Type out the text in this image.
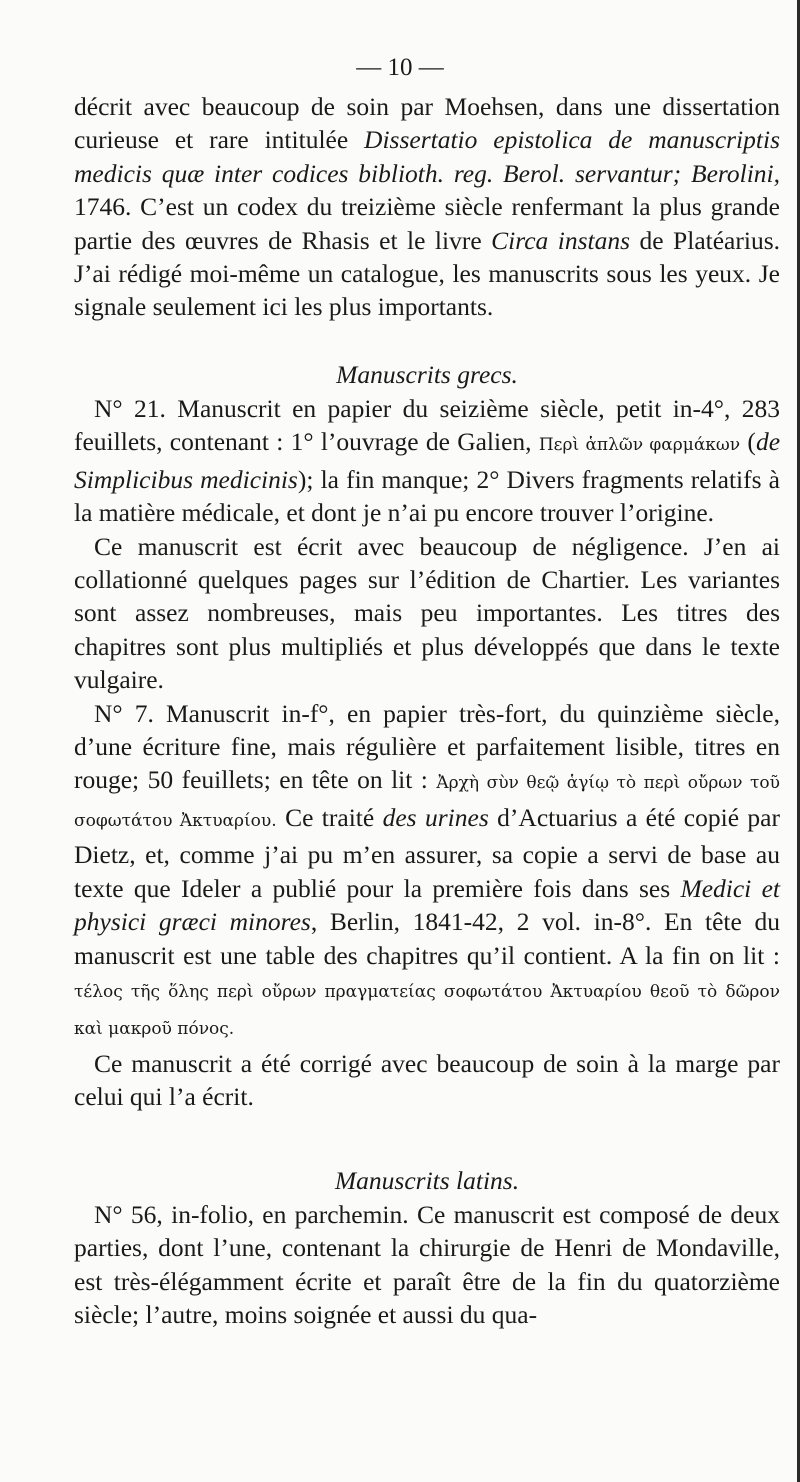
— 10 —

décrit avec beaucoup de soin par Moehsen, dans une dissertation curieuse et rare intitulée Dissertatio epistolica de manuscriptis medicis quæ inter codices biblioth. reg. Berol. servantur; Berolini, 1746. C’est un codex du treizième siècle renfermant la plus grande partie des œuvres de Rhasis et le livre Circa instans de Platéarius. J’ai rédigé moi-même un catalogue, les manuscrits sous les yeux. Je signale seulement ici les plus importants.

Manuscrits grecs.

N° 21. Manuscrit en papier du seizième siècle, petit in-4°, 283 feuillets, contenant : 1° l’ouvrage de Galien, Περὶ ἁπλῶν φαρμάκων (de Simplicibus medicinis); la fin manque; 2° Divers fragments relatifs à la matière médicale, et dont je n’ai pu encore trouver l’origine.

Ce manuscrit est écrit avec beaucoup de négligence. J’en ai collationné quelques pages sur l’édition de Chartier. Les variantes sont assez nombreuses, mais peu importantes. Les titres des chapitres sont plus multipliés et plus développés que dans le texte vulgaire.

N° 7. Manuscrit in-f°, en papier très-fort, du quinzième siècle, d’une écriture fine, mais régulière et parfaitement lisible, titres en rouge; 50 feuillets; en tête on lit : Ἀρχὴ σὺν θεῷ ἁγίῳ τὸ περὶ οὔρων τοῦ σοφωτάτου Ἀκτυαρίου. Ce traité des urines d’Actuarius a été copié par Dietz, et, comme j’ai pu m’en assurer, sa copie a servi de base au texte que Ideler a publié pour la première fois dans ses Medici et physici græci minores, Berlin, 1841-42, 2 vol. in-8°. En tête du manuscrit est une table des chapitres qu’il contient. A la fin on lit : τέλος τῆς ὅλης περὶ οὔρων πραγματείας σοφωτάτου Ἀκτυαρίου θεοῦ τὸ δῶρον καὶ μακροῦ πόνος.

Ce manuscrit a été corrigé avec beaucoup de soin à la marge par celui qui l’a écrit.

Manuscrits latins.

N° 56, in-folio, en parchemin. Ce manuscrit est composé de deux parties, dont l’une, contenant la chirurgie de Henri de Mondaville, est très-élégamment écrite et paraît être de la fin du quatorzième siècle; l’autre, moins soignée et aussi du qua-
